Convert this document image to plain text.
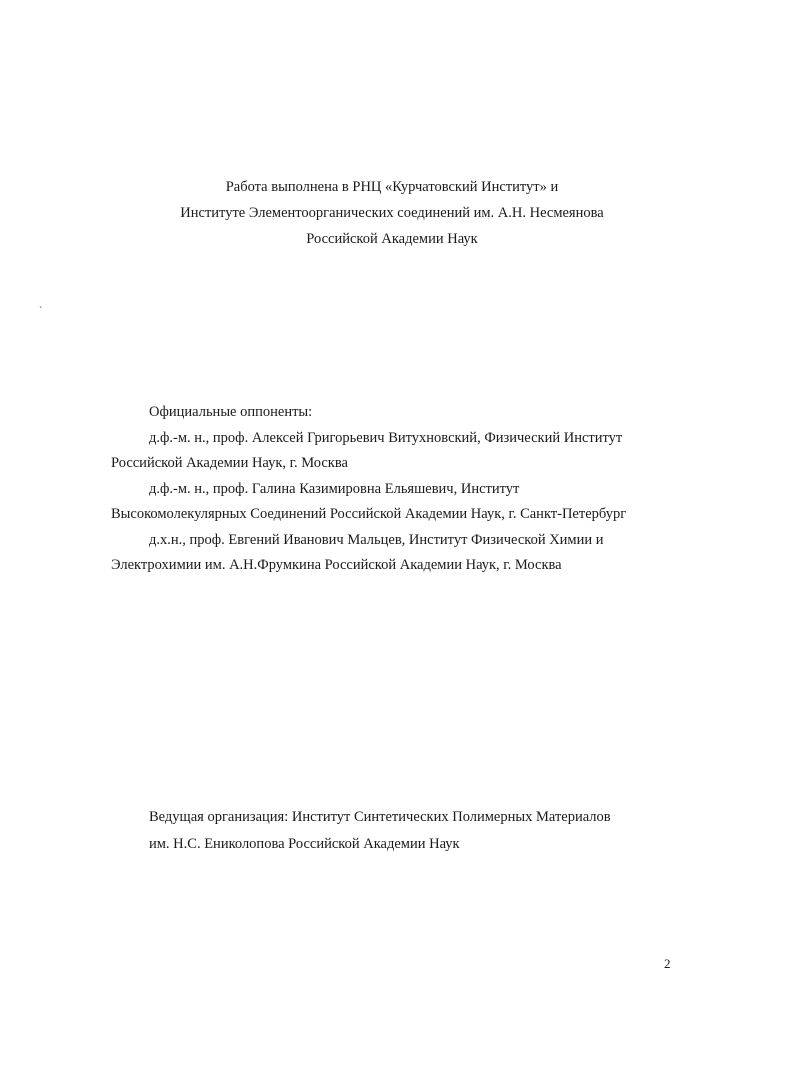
Работа выполнена в РНЦ «Курчатовский Институт» и
Институте Элементоорганических соединений им. А.Н. Несмеянова
Российской Академии Наук
`
Официальные оппоненты:
д.ф.-м. н., проф. Алексей Григорьевич Витухновский, Физический Институт
Российской Академии Наук, г. Москва
д.ф.-м. н., проф. Галина Казимировна Ельяшевич, Институт
Высокомолекулярных Соединений Российской Академии Наук, г. Санкт-Петербург
д.х.н., проф. Евгений Иванович Мальцев, Институт Физической Химии и
Электрохимии им. А.Н.Фрумкина Российской Академии Наук, г. Москва
Ведущая организация: Институт Синтетических Полимерных Материалов
им. Н.С. Ениколопова Российской Академии Наук
2
